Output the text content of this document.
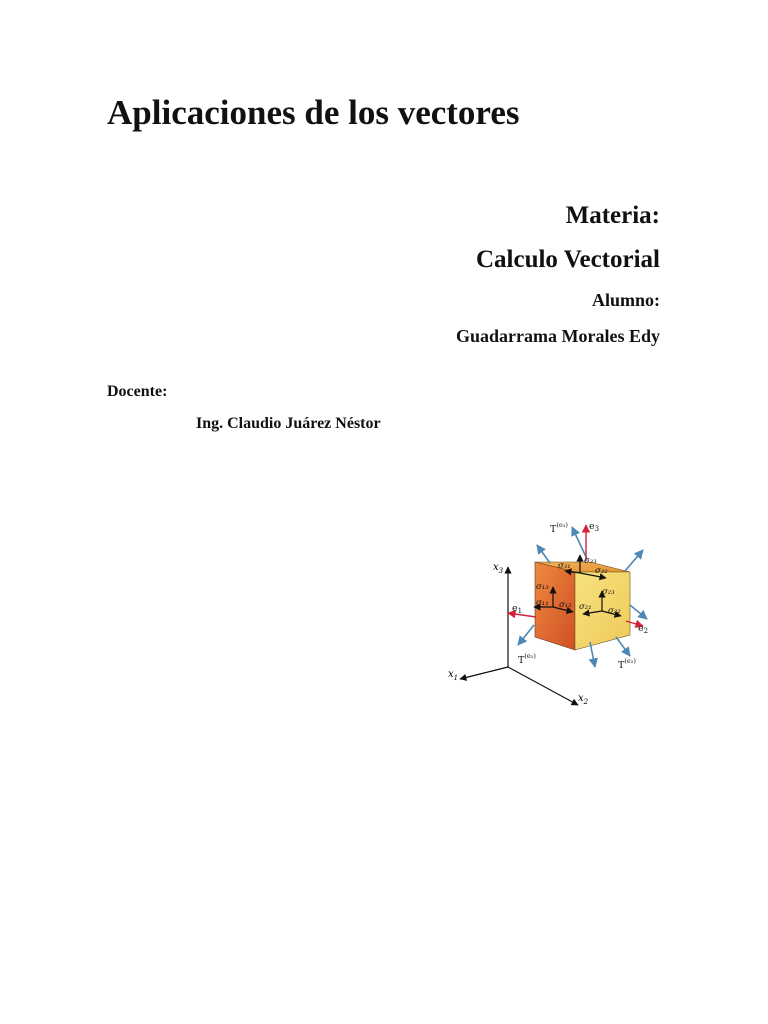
Aplicaciones de los vectores

Materia:

Calculo Vectorial

Alumno:

Guadarrama Morales Edy

Docente:

Ing. Claudio Juárez Néstor

$x_3$
$x_1$
$x_2$
σ₃₃
σ₃₁	σ₃₂
σ₁₃
σ₁₁ σ₁₂
σ₂₃
σ₂₁ σ₂₂
$e_3$
$e_1$
$e_2$
$T^{(e_3)}$
$T^{(e_2)}$
$T^{(e_2)}$
